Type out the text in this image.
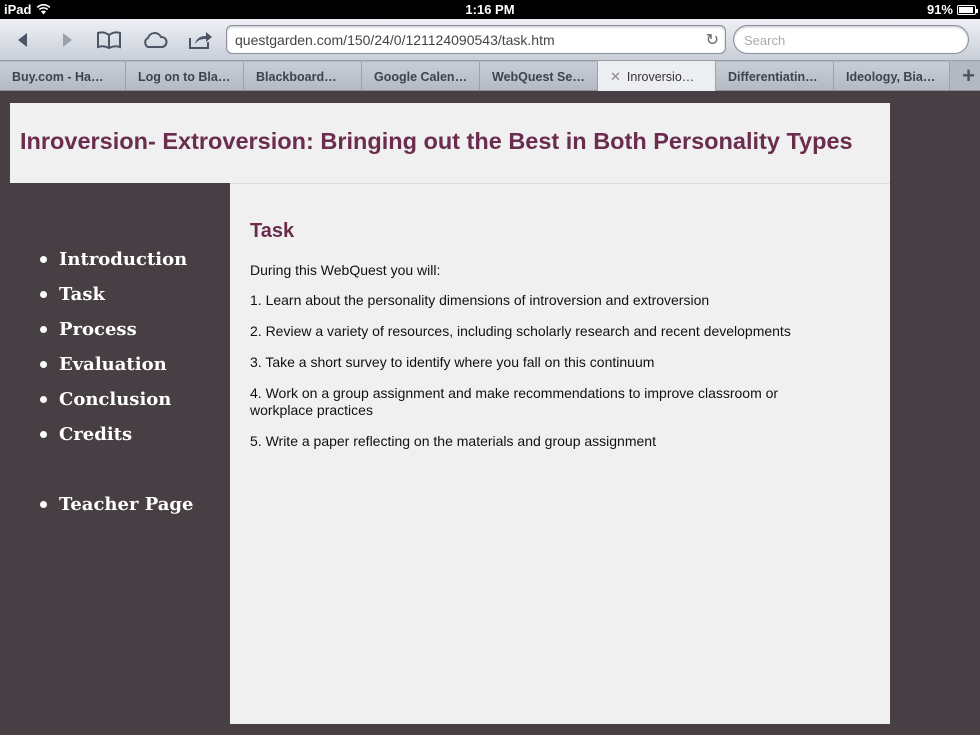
iPad	1:16 PM	91%
questgarden.com/150/24/0/121124090543/task.htm	↻	Search
Buy.com - Ha…	Log on to Bla…	Blackboard…	Google Calen…	WebQuest Se…	✕ Inroversio…	Differentiatin…	Ideology, Bia…	+
Inroversion- Extroversion: Bringing out the Best in Both Personality Types
Introduction
Task
Process
Evaluation
Conclusion
Credits
Teacher Page
Task

During this WebQuest you will:

1. Learn about the personality dimensions of introversion and extroversion
2. Review a variety of resources, including scholarly research and recent developments
3. Take a short survey to identify where you fall on this continuum
4. Work on a group assignment and make recommendations to improve classroom or workplace practices
5. Write a paper reflecting on the materials and group assignment
